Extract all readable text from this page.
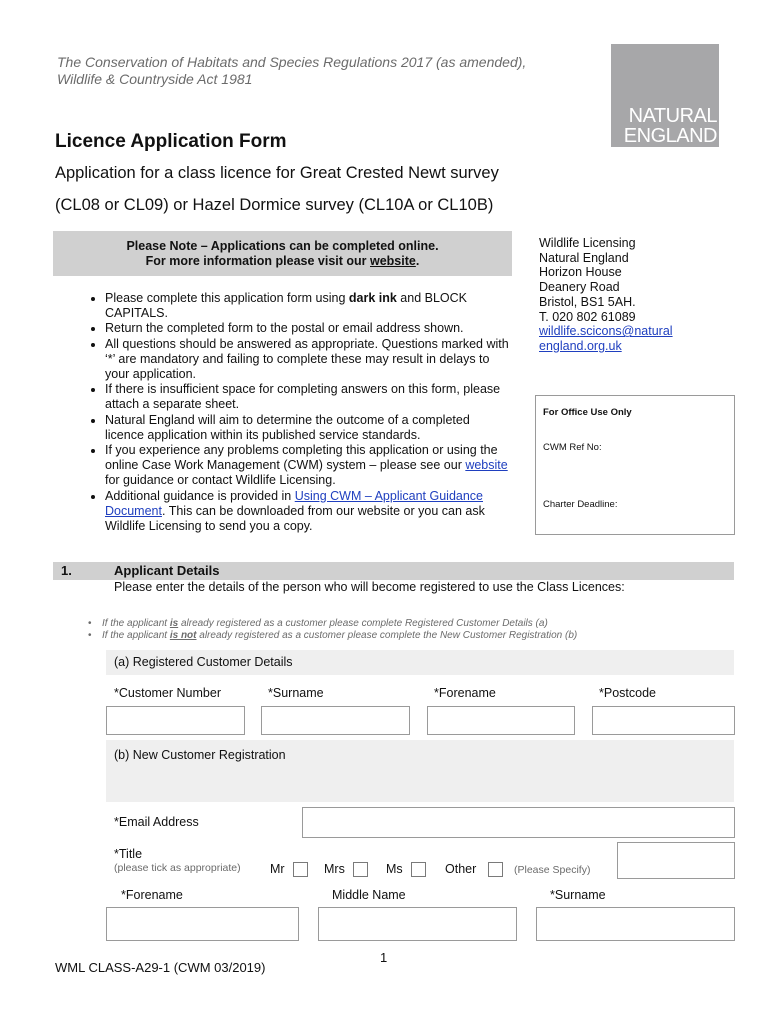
The Conservation of Habitats and Species Regulations 2017 (as amended),
Wildlife & Countryside Act 1981
NATURAL
ENGLAND
Licence Application Form
Application for a class licence for Great Crested Newt survey
(CL08 or CL09) or Hazel Dormice survey (CL10A or CL10B)
Please Note – Applications can be completed online.
For more information please visit our website.
Wildlife Licensing
Natural England
Horizon House
Deanery Road
Bristol, BS1 5AH.
T. 020 802 61089
wildlife.scicons@natural
england.org.uk
• Please complete this application form using dark ink and BLOCK CAPITALS.
• Return the completed form to the postal or email address shown.
• All questions should be answered as appropriate. Questions marked with ‘*’ are mandatory and failing to complete these may result in delays to your application.
• If there is insufficient space for completing answers on this form, please attach a separate sheet.
• Natural England will aim to determine the outcome of a completed licence application within its published service standards.
• If you experience any problems completing this application or using the online Case Work Management (CWM) system – please see our website for guidance or contact Wildlife Licensing.
• Additional guidance is provided in Using CWM – Applicant Guidance Document. This can be downloaded from our website or you can ask Wildlife Licensing to send you a copy.
For Office Use Only
CWM Ref No:
Charter Deadline:
1.	Applicant Details
Please enter the details of the person who will become registered to use the Class Licences:
• If the applicant is already registered as a customer please complete Registered Customer Details (a)
• If the applicant is not already registered as a customer please complete the New Customer Registration (b)
(a) Registered Customer Details
*Customer Number	*Surname	*Forename	*Postcode
(b) New Customer Registration
*Email Address
*Title
(please tick as appropriate) Mr	Mrs	Ms	Other	(Please Specify)
*Forename	Middle Name	*Surname
1
WML CLASS-A29-1 (CWM 03/2019)
